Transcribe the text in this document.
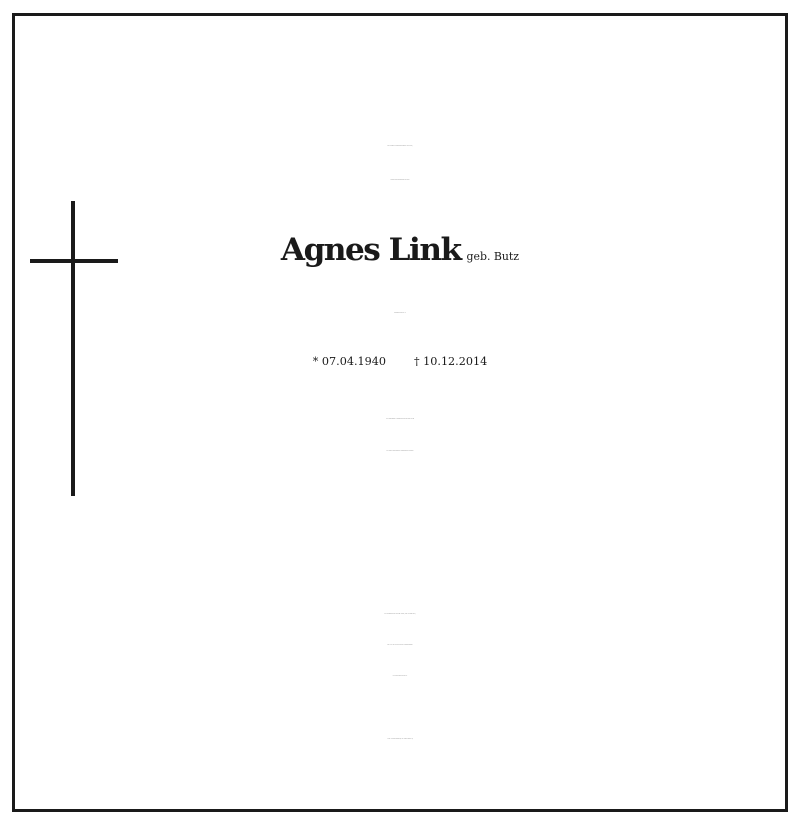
Wir gedenken in Dankbarkeit meiner lieben Frau,
unserer guten Schwägerin und Tante
Agnes Link geb. Butz
Hauptschullehrerin i. R.
* 07.04.1940	† 10.12.2014
Viele gemeinsame Lebensaugenblicke sind nun für uns
im Abschied unvergessliche Erinnerungen geworden.
Die Urnentrauerfeier findet am Freitag, dem 16. Januar 2015,
um 11.00 Uhr auf dem Friedhof in Sontheim statt.
Ein Kondolenzbuch liegt auf.
74081 Heilbronn-Sontheim, Max-Planck-Straße 9/5
